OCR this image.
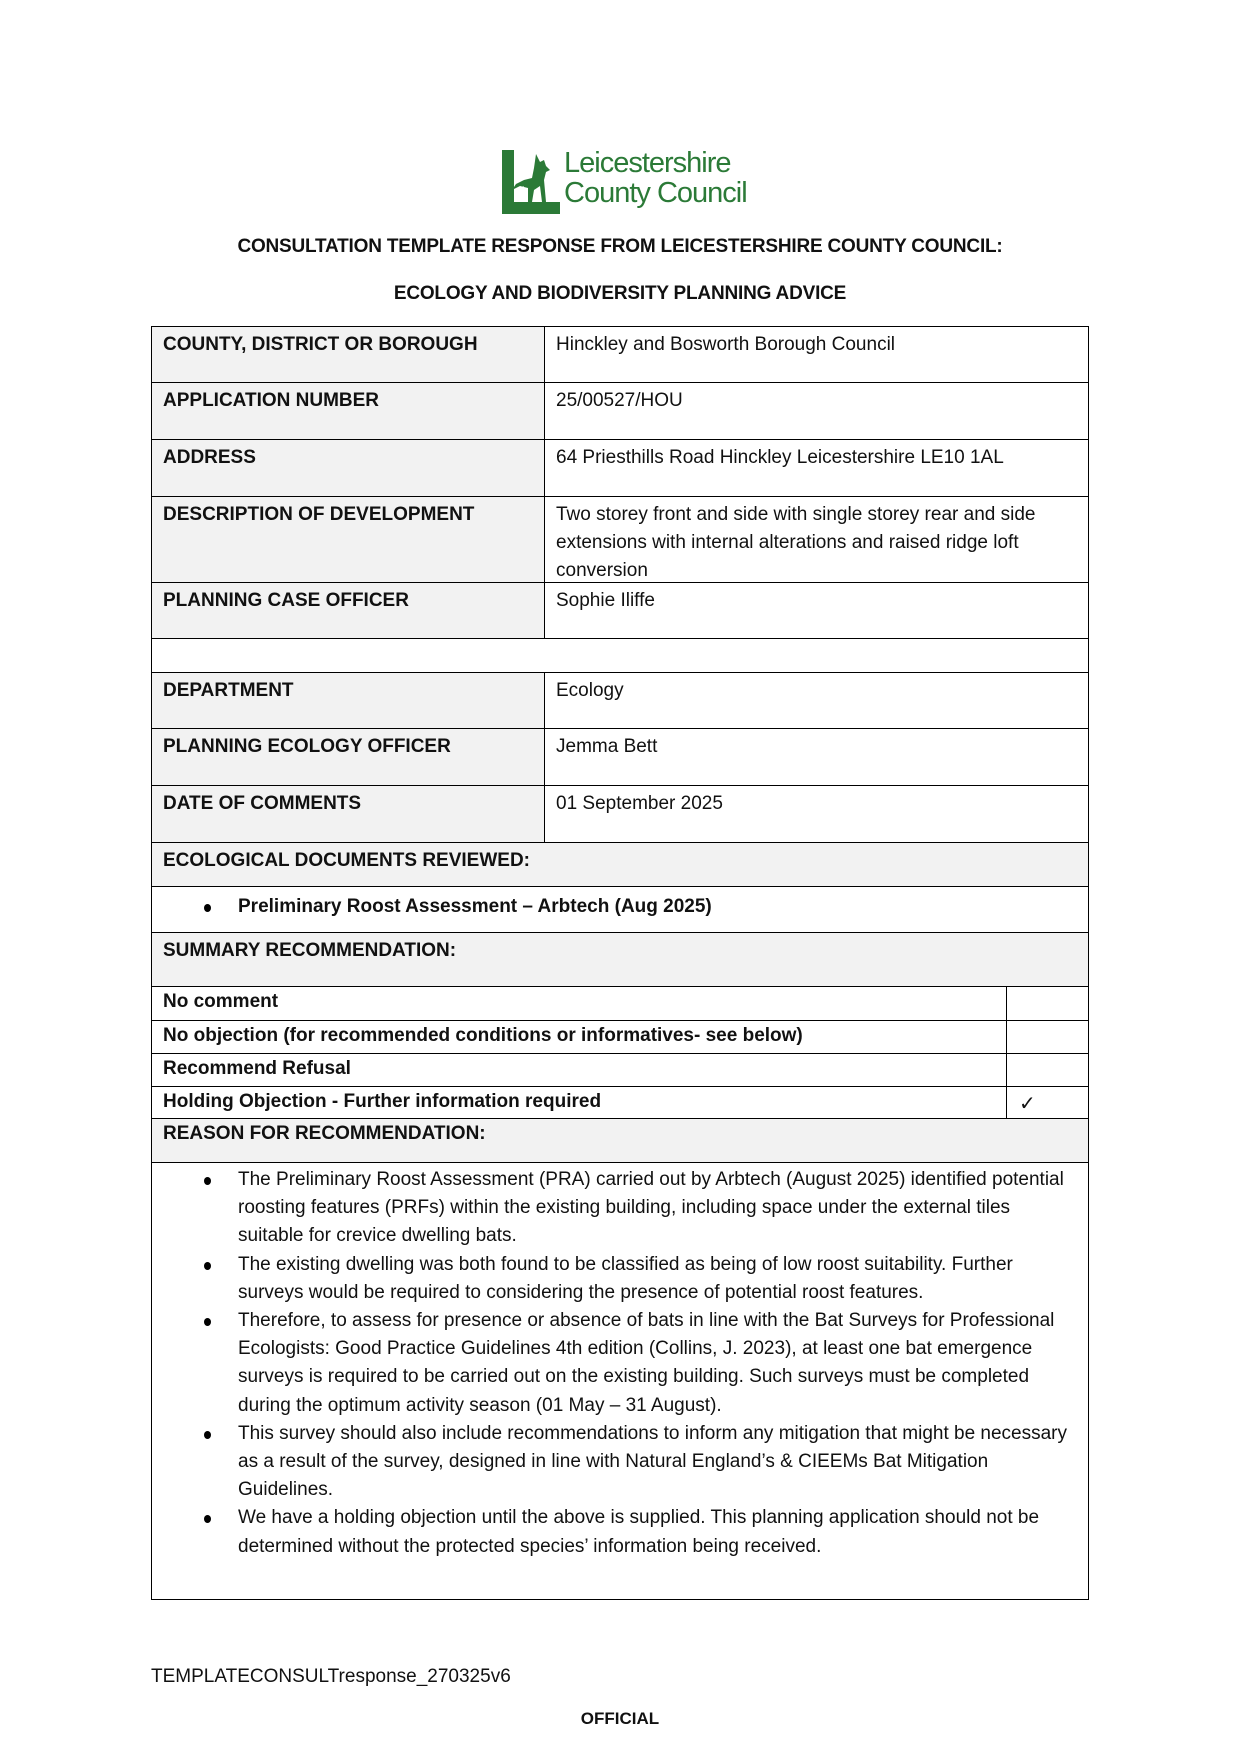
Leicestershire
County Council
CONSULTATION TEMPLATE RESPONSE FROM LEICESTERSHIRE COUNTY COUNCIL:
ECOLOGY AND BIODIVERSITY PLANNING ADVICE
COUNTY, DISTRICT OR BOROUGH	Hinckley and Bosworth Borough Council
APPLICATION NUMBER	25/00527/HOU
ADDRESS	64 Priesthills Road Hinckley Leicestershire LE10 1AL
DESCRIPTION OF DEVELOPMENT	Two storey front and side with single storey rear and side extensions with internal alterations and raised ridge loft conversion
PLANNING CASE OFFICER	Sophie Iliffe
DEPARTMENT	Ecology
PLANNING ECOLOGY OFFICER	Jemma Bett
DATE OF COMMENTS	01 September 2025
ECOLOGICAL DOCUMENTS REVIEWED:
Preliminary Roost Assessment – Arbtech (Aug 2025)
SUMMARY RECOMMENDATION:
No comment
No objection (for recommended conditions or informatives- see below)
Recommend Refusal
Holding Objection - Further information required	✓
REASON FOR RECOMMENDATION:
The Preliminary Roost Assessment (PRA) carried out by Arbtech (August 2025) identified potential roosting features (PRFs) within the existing building, including space under the external tiles suitable for crevice dwelling bats.
The existing dwelling was both found to be classified as being of low roost suitability. Further surveys would be required to considering the presence of potential roost features.
Therefore, to assess for presence or absence of bats in line with the Bat Surveys for Professional Ecologists: Good Practice Guidelines 4th edition (Collins, J. 2023), at least one bat emergence surveys is required to be carried out on the existing building. Such surveys must be completed during the optimum activity season (01 May – 31 August).
This survey should also include recommendations to inform any mitigation that might be necessary as a result of the survey, designed in line with Natural England’s & CIEEMs Bat Mitigation Guidelines.
We have a holding objection until the above is supplied. This planning application should not be determined without the protected species’ information being received.
TEMPLATECONSULTresponse_270325v6
OFFICIAL
